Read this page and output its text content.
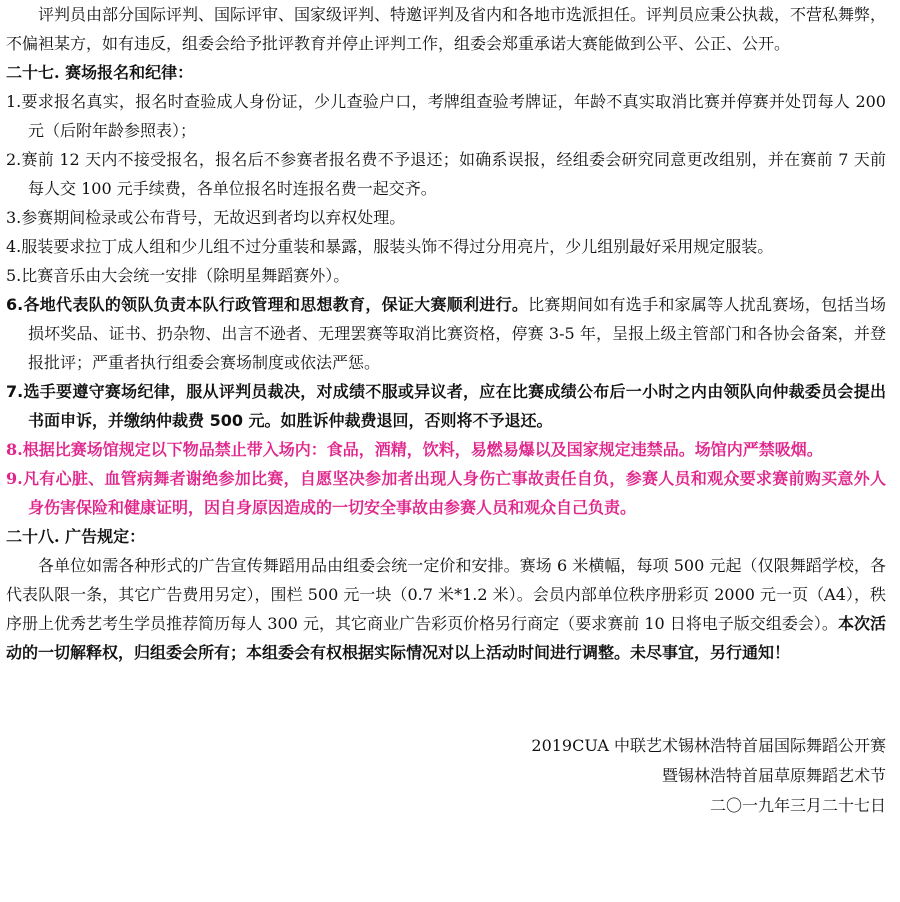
评判员由部分国际评判、国际评审、国家级评判、特邀评判及省内和各地市选派担任。评判员应秉公执裁，不营私舞弊，不偏袒某方，如有违反，组委会给予批评教育并停止评判工作，组委会郑重承诺大赛能做到公平、公正、公开。

二十七. 赛场报名和纪律：

1.要求报名真实，报名时查验成人身份证，少儿查验户口，考牌组查验考牌证，年龄不真实取消比赛并停赛并处罚每人 200 元（后附年龄参照表）；

2.赛前 12 天内不接受报名，报名后不参赛者报名费不予退还；如确系误报，经组委会研究同意更改组别，并在赛前 7 天前每人交 100 元手续费，各单位报名时连报名费一起交齐。

3.参赛期间检录或公布背号，无故迟到者均以弃权处理。

4.服装要求拉丁成人组和少儿组不过分重装和暴露，服装头饰不得过分用亮片，少儿组别最好采用规定服装。

5.比赛音乐由大会统一安排（除明星舞蹈赛外）。

6.各地代表队的领队负责本队行政管理和思想教育，保证大赛顺利进行。比赛期间如有选手和家属等人扰乱赛场，包括当场损坏奖品、证书、扔杂物、出言不逊者、无理罢赛等取消比赛资格，停赛 3-5 年，呈报上级主管部门和各协会备案，并登报批评；严重者执行组委会赛场制度或依法严惩。

7.选手要遵守赛场纪律，服从评判员裁决，对成绩不服或异议者，应在比赛成绩公布后一小时之内由领队向仲裁委员会提出书面申诉，并缴纳仲裁费 500 元。如胜诉仲裁费退回，否则将不予退还。

8.根据比赛场馆规定以下物品禁止带入场内：食品，酒精，饮料，易燃易爆以及国家规定违禁品。场馆内严禁吸烟。

9.凡有心脏、血管病舞者谢绝参加比赛，自愿坚决参加者出现人身伤亡事故责任自负，参赛人员和观众要求赛前购买意外人身伤害保险和健康证明，因自身原因造成的一切安全事故由参赛人员和观众自己负责。

二十八. 广告规定：

各单位如需各种形式的广告宣传舞蹈用品由组委会统一定价和安排。赛场 6 米横幅，每项 500 元起（仅限舞蹈学校，各代表队限一条，其它广告费用另定），围栏 500 元一块（0.7 米*1.2 米）。会员内部单位秩序册彩页 2000 元一页（A4），秩序册上优秀艺考生学员推荐简历每人 300 元，其它商业广告彩页价格另行商定（要求赛前 10 日将电子版交组委会）。本次活动的一切解释权，归组委会所有；本组委会有权根据实际情况对以上活动时间进行调整。未尽事宜，另行通知！

2019CUA 中联艺术锡林浩特首届国际舞蹈公开赛

暨锡林浩特首届草原舞蹈艺术节

二〇一九年三月二十七日
